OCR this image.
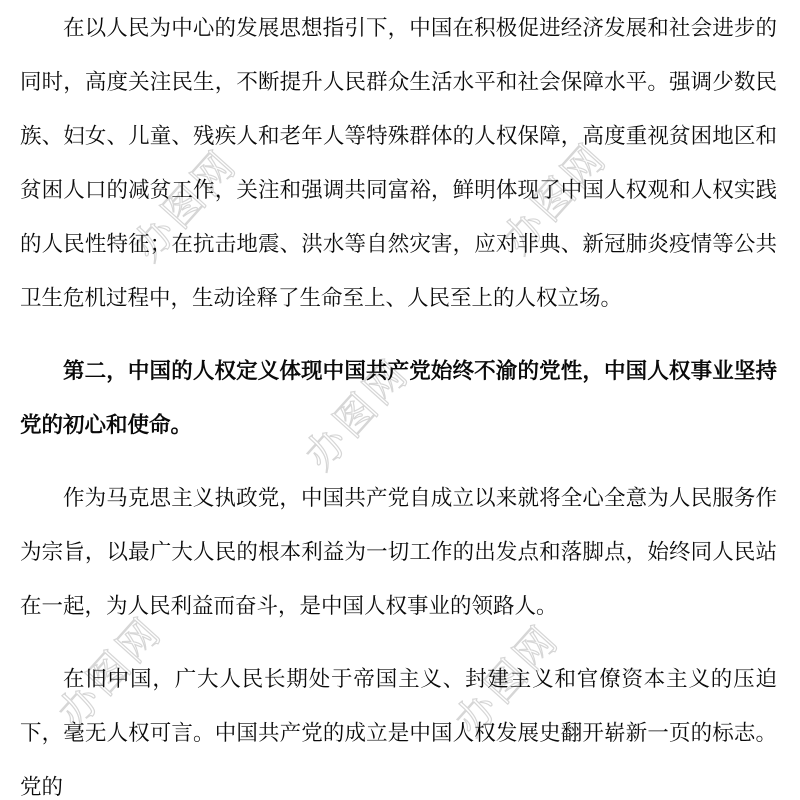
办图网	办图网
办图网
办图网	办图网

在以人民为中心的发展思想指引下，中国在积极促进经济发展和社会进步的同时，高度关注民生，不断提升人民群众生活水平和社会保障水平。强调少数民族、妇女、儿童、残疾人和老年人等特殊群体的人权保障，高度重视贫困地区和贫困人口的减贫工作，关注和强调共同富裕，鲜明体现了中国人权观和人权实践的人民性特征；在抗击地震、洪水等自然灾害，应对非典、新冠肺炎疫情等公共卫生危机过程中，生动诠释了生命至上、人民至上的人权立场。

第二，中国的人权定义体现中国共产党始终不渝的党性，中国人权事业坚持党的初心和使命。

作为马克思主义执政党，中国共产党自成立以来就将全心全意为人民服务作为宗旨，以最广大人民的根本利益为一切工作的出发点和落脚点，始终同人民站在一起，为人民利益而奋斗，是中国人权事业的领路人。

在旧中国，广大人民长期处于帝国主义、封建主义和官僚资本主义的压迫下，毫无人权可言。中国共产党的成立是中国人权发展史翻开崭新一页的标志。党的
